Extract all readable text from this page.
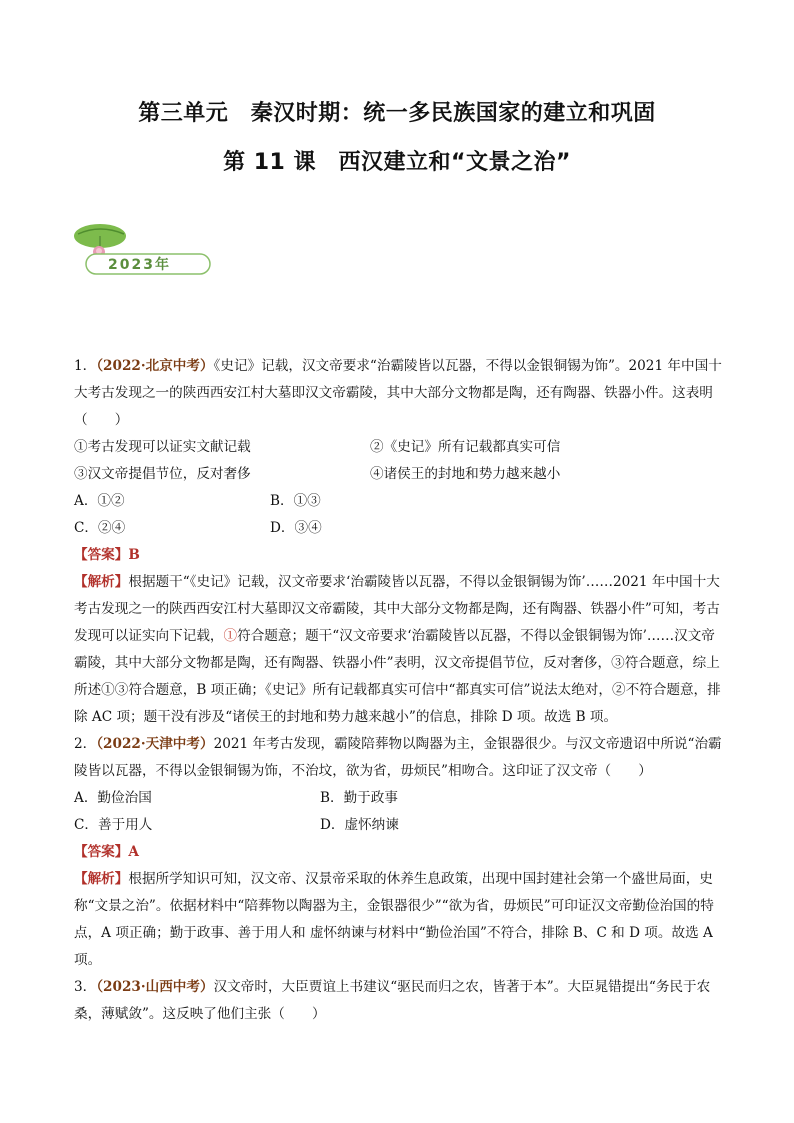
第三单元　秦汉时期：统一多民族国家的建立和巩固
第 11 课　西汉建立和“文景之治”
2023年

1．（2022·北京中考）《史记》记载，汉文帝要求“治霸陵皆以瓦器，不得以金银铜锡为饰”。2021 年中国十大考古发现之一的陕西西安江村大墓即汉文帝霸陵，其中大部分文物都是陶，还有陶器、铁器小件。这表明（　　）

①考古发现可以证实文献记载	②《史记》所有记载都真实可信
③汉文帝提倡节位，反对奢侈	④诸侯王的封地和势力越来越小
A．①②	B．①③
C．②④	D．③④

【答案】B

【解析】根据题干“《史记》记载，汉文帝要求‘治霸陵皆以瓦器，不得以金银铜锡为饰’……2021 年中国十大考古发现之一的陕西西安江村大墓即汉文帝霸陵，其中大部分文物都是陶，还有陶器、铁器小件”可知，考古发现可以证实向下记载，①符合题意；题干“汉文帝要求‘治霸陵皆以瓦器，不得以金银铜锡为饰’……汉文帝霸陵，其中大部分文物都是陶，还有陶器、铁器小件”表明，汉文帝提倡节位，反对奢侈，③符合题意，综上所述①③符合题意，B 项正确；《史记》所有记载都真实可信中“都真实可信”说法太绝对，②不符合题意，排除 AC 项；题干没有涉及“诸侯王的封地和势力越来越小”的信息，排除 D 项。故选 B 项。

2．（2022·天津中考）2021 年考古发现，霸陵陪葬物以陶器为主，金银器很少。与汉文帝遗诏中所说“治霸陵皆以瓦器，不得以金银铜锡为饰，不治坟，欲为省，毋烦民”相吻合。这印证了汉文帝（　　）

A．勤俭治国	B．勤于政事
C．善于用人	D．虚怀纳谏

【答案】A

【解析】根据所学知识可知，汉文帝、汉景帝采取的休养生息政策，出现中国封建社会第一个盛世局面，史称“文景之治”。依据材料中“陪葬物以陶器为主，金银器很少”“欲为省，毋烦民”可印证汉文帝勤俭治国的特点，A 项正确；勤于政事、善于用人和 虚怀纳谏与材料中“勤俭治国”不符合，排除 B、C 和 D 项。故选 A 项。

3．（2023·山西中考）汉文帝时，大臣贾谊上书建议“驱民而归之农，皆著于本”。大臣晁错提出“务民于农桑，薄赋敛”。这反映了他们主张（　　）
